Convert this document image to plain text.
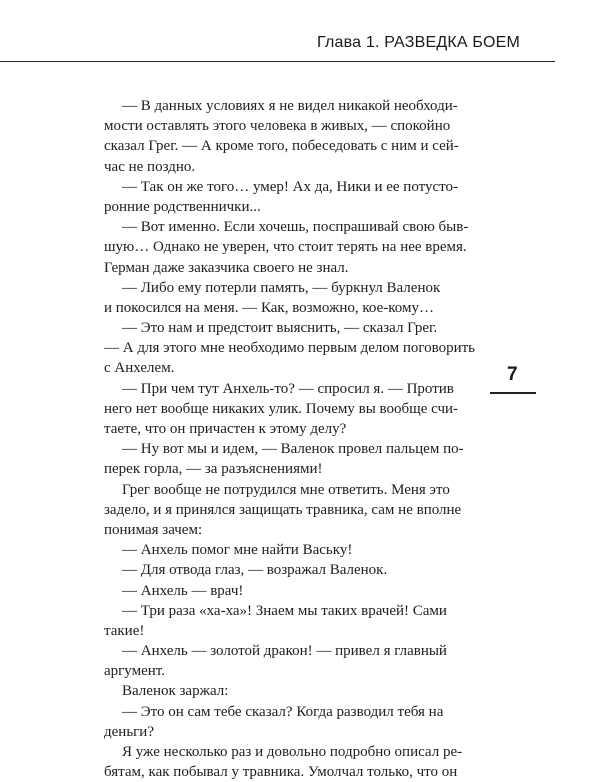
Глава 1. РАЗВЕДКА БОЕМ
— В данных условиях я не видел никакой необходи-
мости оставлять этого человека в живых, — спокойно
сказал Грег. — А кроме того, побеседовать с ним и сей-
час не поздно.
— Так он же того… умер! Ах да, Ники и ее потусто-
ронние родственнички...
— Вот именно. Если хочешь, поспрашивай свою быв-
шую… Однако не уверен, что стоит терять на нее время.
Герман даже заказчика своего не знал.
— Либо ему потерли память, — буркнул Валенок
и покосился на меня. — Как, возможно, кое-кому…
— Это нам и предстоит выяснить, — сказал Грег.
— А для этого мне необходимо первым делом поговорить
с Анхелем.
— При чем тут Анхель-то? — спросил я. — Против
него нет вообще никаких улик. Почему вы вообще счи-
таете, что он причастен к этому делу?
— Ну вот мы и идем, — Валенок провел пальцем по-
перек горла, — за разъяснениями!
Грег вообще не потрудился мне ответить. Меня это
задело, и я принялся защищать травника, сам не вполне
понимая зачем:
— Анхель помог мне найти Ваську!
— Для отвода глаз, — возражал Валенок.
— Анхель — врач!
— Три раза «ха-ха»! Знаем мы таких врачей! Сами
такие!
— Анхель — золотой дракон! — привел я главный
аргумент.
Валенок заржал:
— Это он сам тебе сказал? Когда разводил тебя на
деньги?
Я уже несколько раз и довольно подробно описал ре-
бятам, как побывал у травника. Умолчал только, что он
7
